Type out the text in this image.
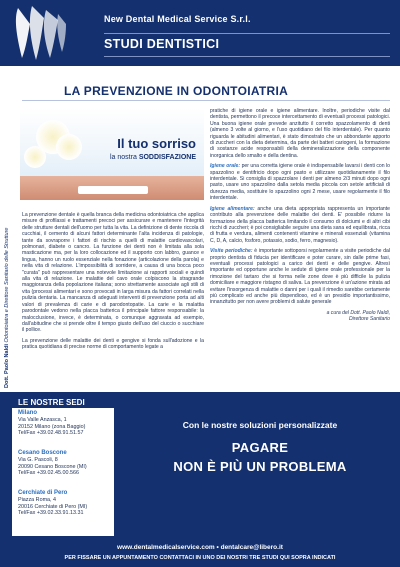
New Dental Medical Service S.r.l.
STUDI DENTISTICI
Dott. Paolo Naldi Odontoiatra e Direttore Sanitario delle Strutture
LA PREVENZIONE IN ODONTOIATRIA
Il tuo sorriso
la nostra SODDISFAZIONE

La prevenzione dentale è quella branca della medicina odontoiatrica che applica misure di profilassi e trattamenti precoci per assicurare e mantenere l'integrità delle strutture dentali dell'uomo per tutta la vita. La definizione di dente riccola di cucchiai, il cemento di alcuni fattori determinante l'alta incidenza di patologie, tante da sovraporre i fattori di rischio a quelli di malattie cardiovascolari, polmonari, diabete o cancro. La funzione dei denti non è limitata alla sola masticazione ma, per la loro collocazione ed il supporto con labbro, guance e lingua, hanno un ruolo essenziale nella fonazione (articolazione della parola) e nella vita di relazione. L'impossibilità di sorridere, a causa di una bocca poco "curata" può rappresentare una notevole limitazione ai rapporti sociali e quindi alla vita di relazione. Le malattie del cavo orale colpiscono la stragrande maggioranza della popolazione italiana; sono strettamente associate agli stili di vita (processi alimentari e sono provocati in larga misura da fattori correlati nella pulizia dentaria. La mancanza di adeguati interventi di prevenzione porta ad alti valori di prevalenza di carie e di parodontopatie. La carie e la malattia parodontale vedono nella placca batterica il principale fattore responsabile: la malocclusione, invece, è determinata, o comunque aggravata ad esempio, dall'abitudine che si prende oltre il tempo giusto dell'uso del ciuccio o succhiare il pollice.

La prevenzione delle malattie dei denti e gengive si fonda sull'adozione e la pratica quotidiana di precise norme di comportamento legate a

pratiche di igiene orale e igiene alimentare. Inoltre, periodiche visite dal dentista, permettono il precoce intercettamento di eventuali processi patologici. Una buona igiene orale prevede anzitutto il corretto spazzolamento di denti (almeno 3 volte al giorno, e l'uso quotidiano del filo interdentale). Per quanto riguarda le abitudini alimentari, è stato dimostrato che un abbondante apporto di zuccheri con la dieta determina, da parte dei batteri cariogeni, la formazione di sostanze acide responsabili della demineralizzazione della componente inorganica dello smalto e della dentina.

Igiene orale: per una corretta igiene orale è indispensabile lavarsi i denti con lo spazzolino e dentifricio dopo ogni pasto e utilizzare quotidianamente il filo interdentale. Si consiglia di spazzolare i denti per almeno 2/3 minuti dopo ogni pasto, usare uno spazzolino dalla setola media piccola con setole artificiali di durezza media, sostituire lo spazzolino ogni 2 mese, usare regolarmente il filo interdentale.

Igiene alimentare: anche una dieta appropriata rappresenta un importante contributo alla prevenzione delle malattie dei denti. E' possibile ridurre la formazione della placca batterica limitando il consumo di dolciumi e di altri cibi ricchi di zuccheri; è poi consigliabile seguire una dieta sana ed equilibrata, ricca di frutta e verdura, alimenti contenenti vitamine e minerali essenziali (vitamina C, D, A, calcio, fosforo, potassio, sodio, ferro, magnesio).

Visite periodiche: è importante sottoporsi regolarmente a visite periodiche dal proprio dentista di fiducia per identificare e poter curare, sin dalle prime fasi, eventuali processi patologici a carico dei denti e delle gengive. Altresì importante ed opportune anche le sedute di igiene orale professionale per la rimozione del tartaro che si forma nelle zone dove è più difficile la pulizia domiciliare e maggiore ristagno di saliva. La prevenzione è un'azione mirata ad evitare l'insorgenza di malattie o danni per i quali il rimedio sarebbe certamente più complicato ed anche più dispendioso, ed è un presidio importantissimo, innanzitutto per non avere problemi di salute generale

a cura del Dott. Paolo Naldi,
Direttore Sanitario
LE NOSTRE SEDI
Milano
Via Valle Anzasca, 1
20152 Milano (zona Baggio)
Tel/Fax +39.02.48.91.51.57
Cesano Boscone
Via G. Pascoli, 8
20090 Cesano Boscone (MI)
Tel/Fax +39.02.45.00.566
Cerchiate di Pero
Piazza Roma, 4
20016 Cerchiate di Pero (MI)
Tel/Fax +39.02.33.91.13.31
Con le nostre soluzioni personalizzate
PAGARE
NON È PIÙ UN PROBLEMA
www.dentalmedicalservice.com • dentalcare@libero.it
PER FISSARE UN APPUNTAMENTO CONTATTACI IN UNO DEI NOSTRI TRE STUDI QUI SOPRA INDICATI
